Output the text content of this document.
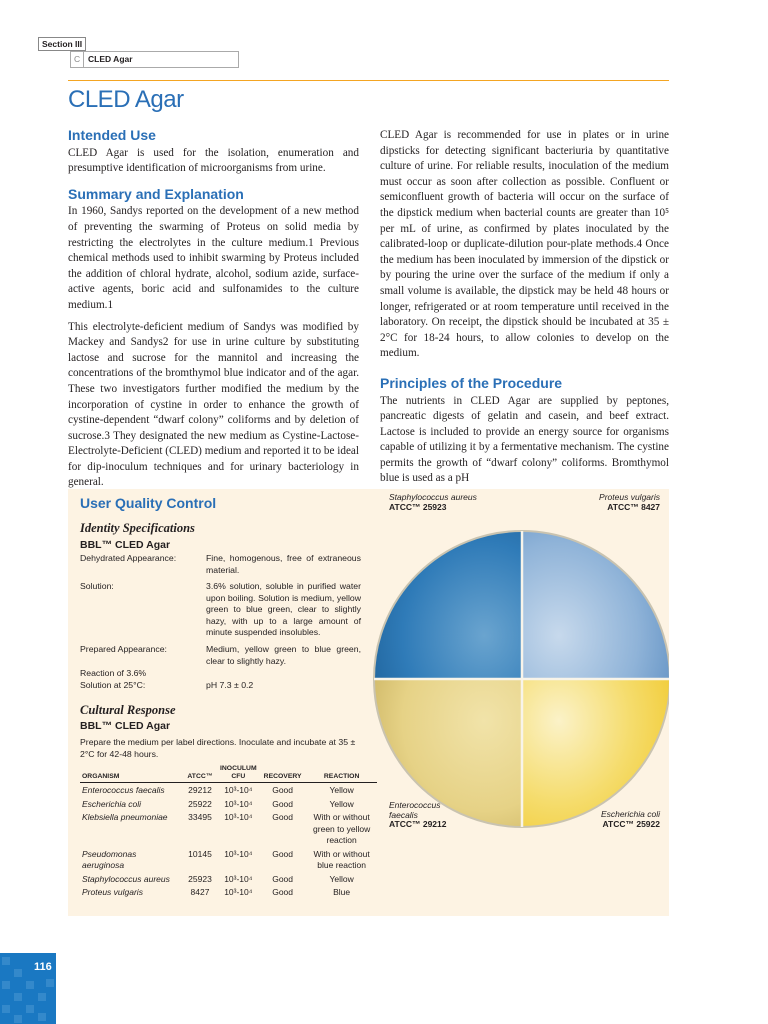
Section III
C CLED Agar
CLED Agar
Intended Use

CLED Agar is used for the isolation, enumeration and presumptive identification of microorganisms from urine.

Summary and Explanation

In 1960, Sandys reported on the development of a new method of preventing the swarming of Proteus on solid media by restricting the electrolytes in the culture medium.1 Previous chemical methods used to inhibit swarming by Proteus included the addition of chloral hydrate, alcohol, sodium azide, surface-active agents, boric acid and sulfonamides to the culture medium.1

This electrolyte-deficient medium of Sandys was modified by Mackey and Sandys2 for use in urine culture by substituting lactose and sucrose for the mannitol and increasing the concentrations of the bromthymol blue indicator and of the agar. These two investigators further modified the medium by the incorporation of cystine in order to enhance the growth of cystine-dependent “dwarf colony” coliforms and by deletion of sucrose.3 They designated the new medium as Cystine-Lactose-Electrolyte-Deficient (CLED) medium and reported it to be ideal for dip-inoculum techniques and for urinary bacteriology in general.

CLED Agar is recommended for use in plates or in urine dipsticks for detecting significant bacteriuria by quantitative culture of urine. For reliable results, inoculation of the medium must occur as soon after collection as possible. Confluent or semiconfluent growth of bacteria will occur on the surface of the dipstick medium when bacterial counts are greater than 10⁵ per mL of urine, as confirmed by plates inoculated by the calibrated-loop or duplicate-dilution pour-plate methods.4 Once the medium has been inoculated by immersion of the dipstick or by pouring the urine over the surface of the medium if only a small volume is available, the dipstick may be held 48 hours or longer, refrigerated or at room temperature until received in the laboratory. On receipt, the dipstick should be incubated at 35 ± 2°C for 18-24 hours, to allow colonies to develop on the medium.

Principles of the Procedure

The nutrients in CLED Agar are supplied by peptones, pancreatic digests of gelatin and casein, and beef extract. Lactose is included to provide an energy source for organisms capable of utilizing it by a fermentative mechanism. The cystine permits the growth of “dwarf colony” coliforms. Bromthymol blue is used as a pH

User Quality Control
Identity Specifications
BBL™ CLED Agar
Dehydrated Appearance:	Fine, homogenous, free of extraneous material.
Solution:	3.6% solution, soluble in purified water upon boiling. Solution is medium, yellow green to blue green, clear to slightly hazy, with up to a large amount of minute suspended insolubles.
Prepared Appearance:	Medium, yellow green to blue green, clear to slightly hazy.
Reaction of 3.6% Solution at 25°C:	pH 7.3 ± 0.2
Cultural Response
BBL™ CLED Agar
Prepare the medium per label directions. Inoculate and incubate at 35 ± 2°C for 42-48 hours.
ORGANISM	ATCC™	INOCULUM CFU	RECOVERY	REACTION
Enterococcus faecalis	29212	10³-10⁴	Good	Yellow
Escherichia coli	25922	10³-10⁴	Good	Yellow
Klebsiella pneumoniae	33495	10³-10⁴	Good	With or without green to yellow reaction
Pseudomonas aeruginosa	10145	10³-10⁴	Good	With or without blue reaction
Staphylococcus aureus	25923	10³-10⁴	Good	Yellow
Proteus vulgaris	8427	10³-10⁴	Good	Blue
Staphylococcus aureus
ATCC™ 25923
Proteus vulgaris
ATCC™ 8427
Enterococcus faecalis
ATCC™ 29212
Escherichia coli
ATCC™ 25922
116
